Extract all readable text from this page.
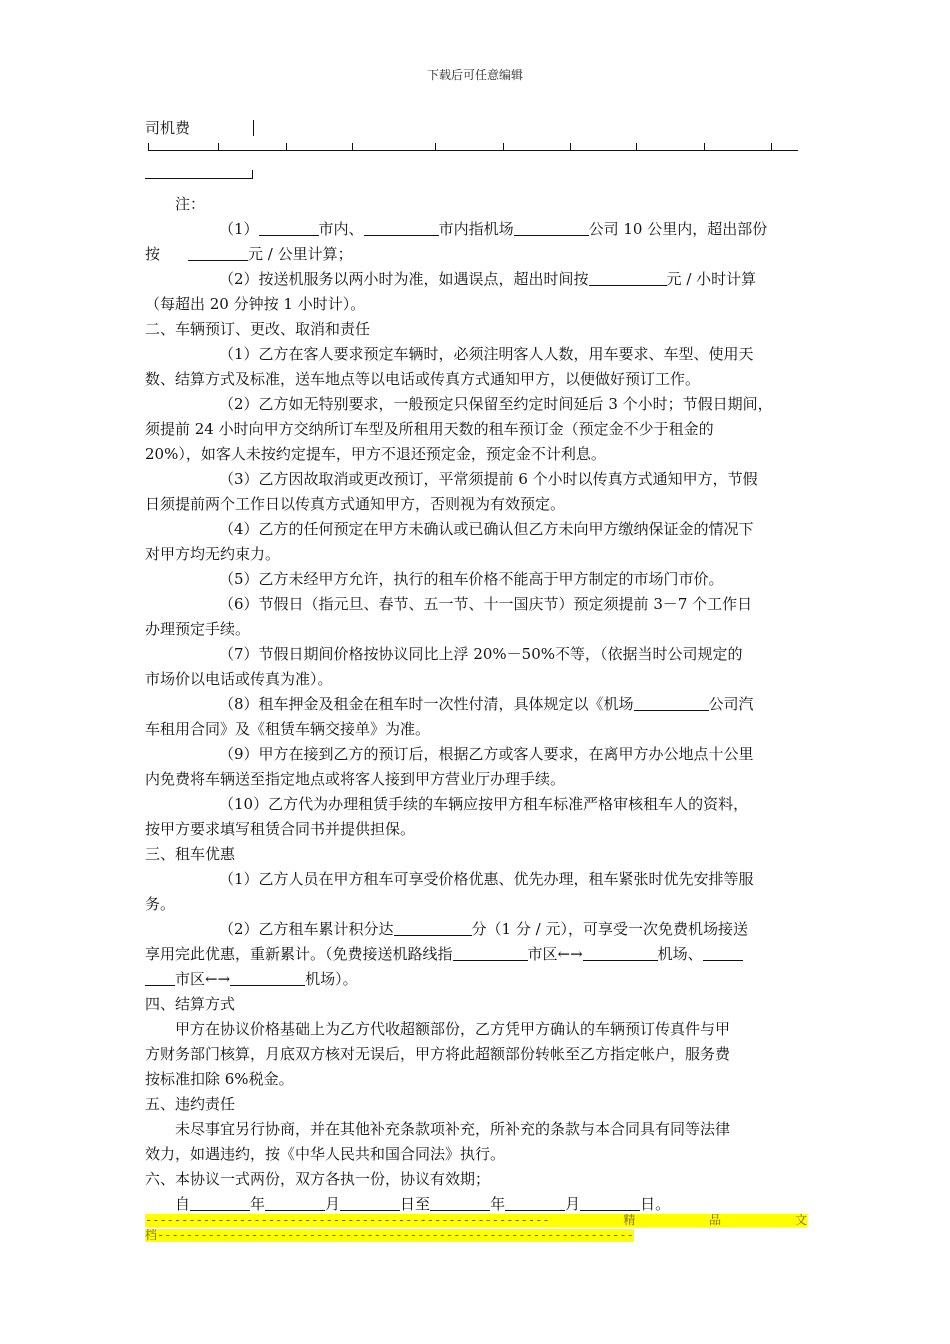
下载后可任意编辑
司机费
注：
（1）	市内、	市内指机场	公司 10 公里内，超出部份
按	元 / 公里计算；
（2）按送机服务以两小时为准，如遇误点，超出时间按	元 / 小时计算
（每超出 20 分钟按 1 小时计）。
二、车辆预订、更改、取消和责任
（1）乙方在客人要求预定车辆时，必须注明客人人数，用车要求、车型、使用天
数、结算方式及标准，送车地点等以电话或传真方式通知甲方，以便做好预订工作。
（2）乙方如无特别要求，一般预定只保留至约定时间延后 3 个小时；节假日期间，
须提前 24 小时向甲方交纳所订车型及所租用天数的租车预订金（预定金不少于租金的
20%），如客人未按约定提车，甲方不退还预定金，预定金不计利息。
（3）乙方因故取消或更改预订，平常须提前 6 个小时以传真方式通知甲方，节假
日须提前两个工作日以传真方式通知甲方，否则视为有效预定。
（4）乙方的任何预定在甲方未确认或已确认但乙方未向甲方缴纳保证金的情况下
对甲方均无约束力。
（5）乙方未经甲方允许，执行的租车价格不能高于甲方制定的市场门市价。
（6）节假日（指元旦、春节、五一节、十一国庆节）预定须提前 3－7 个工作日
办理预定手续。
（7）节假日期间价格按协议同比上浮 20%－50%不等，（依据当时公司规定的
市场价以电话或传真为准）。
（8）租车押金及租金在租车时一次性付清，具体规定以《机场	公司汽
车租用合同》及《租赁车辆交接单》为准。
（9）甲方在接到乙方的预订后，根据乙方或客人要求，在离甲方办公地点十公里
内免费将车辆送至指定地点或将客人接到甲方营业厅办理手续。
（10）乙方代为办理租赁手续的车辆应按甲方租车标准严格审核租车人的资料，
按甲方要求填写租赁合同书并提供担保。
三、租车优惠
（1）乙方人员在甲方租车可享受价格优惠、优先办理，租车紧张时优先安排等服
务。
（2）乙方租车累计积分达	分（1 分 / 元），可享受一次免费机场接送
享用完此优惠，重新累计。（免费接送机路线指	市区←→	机场、
市区←→	机场）。
四、结算方式
甲方在协议价格基础上为乙方代收超额部份，乙方凭甲方确认的车辆预订传真件与甲
方财务部门核算，月底双方核对无误后，甲方将此超额部份转帐至乙方指定帐户，服务费
按标准扣除 6%税金。
五、违约责任
未尽事宜另行协商，并在其他补充条款项补充，所补充的条款与本合同具有同等法律
效力，如遇违约，按《中华人民共和国合同法》执行。
六、本协议一式两份，双方各执一份，协议有效期；
自	年	月	日至	年	月	日。
--------------------------------------------------------	精	品	文
档------------------------------------------------------------------
